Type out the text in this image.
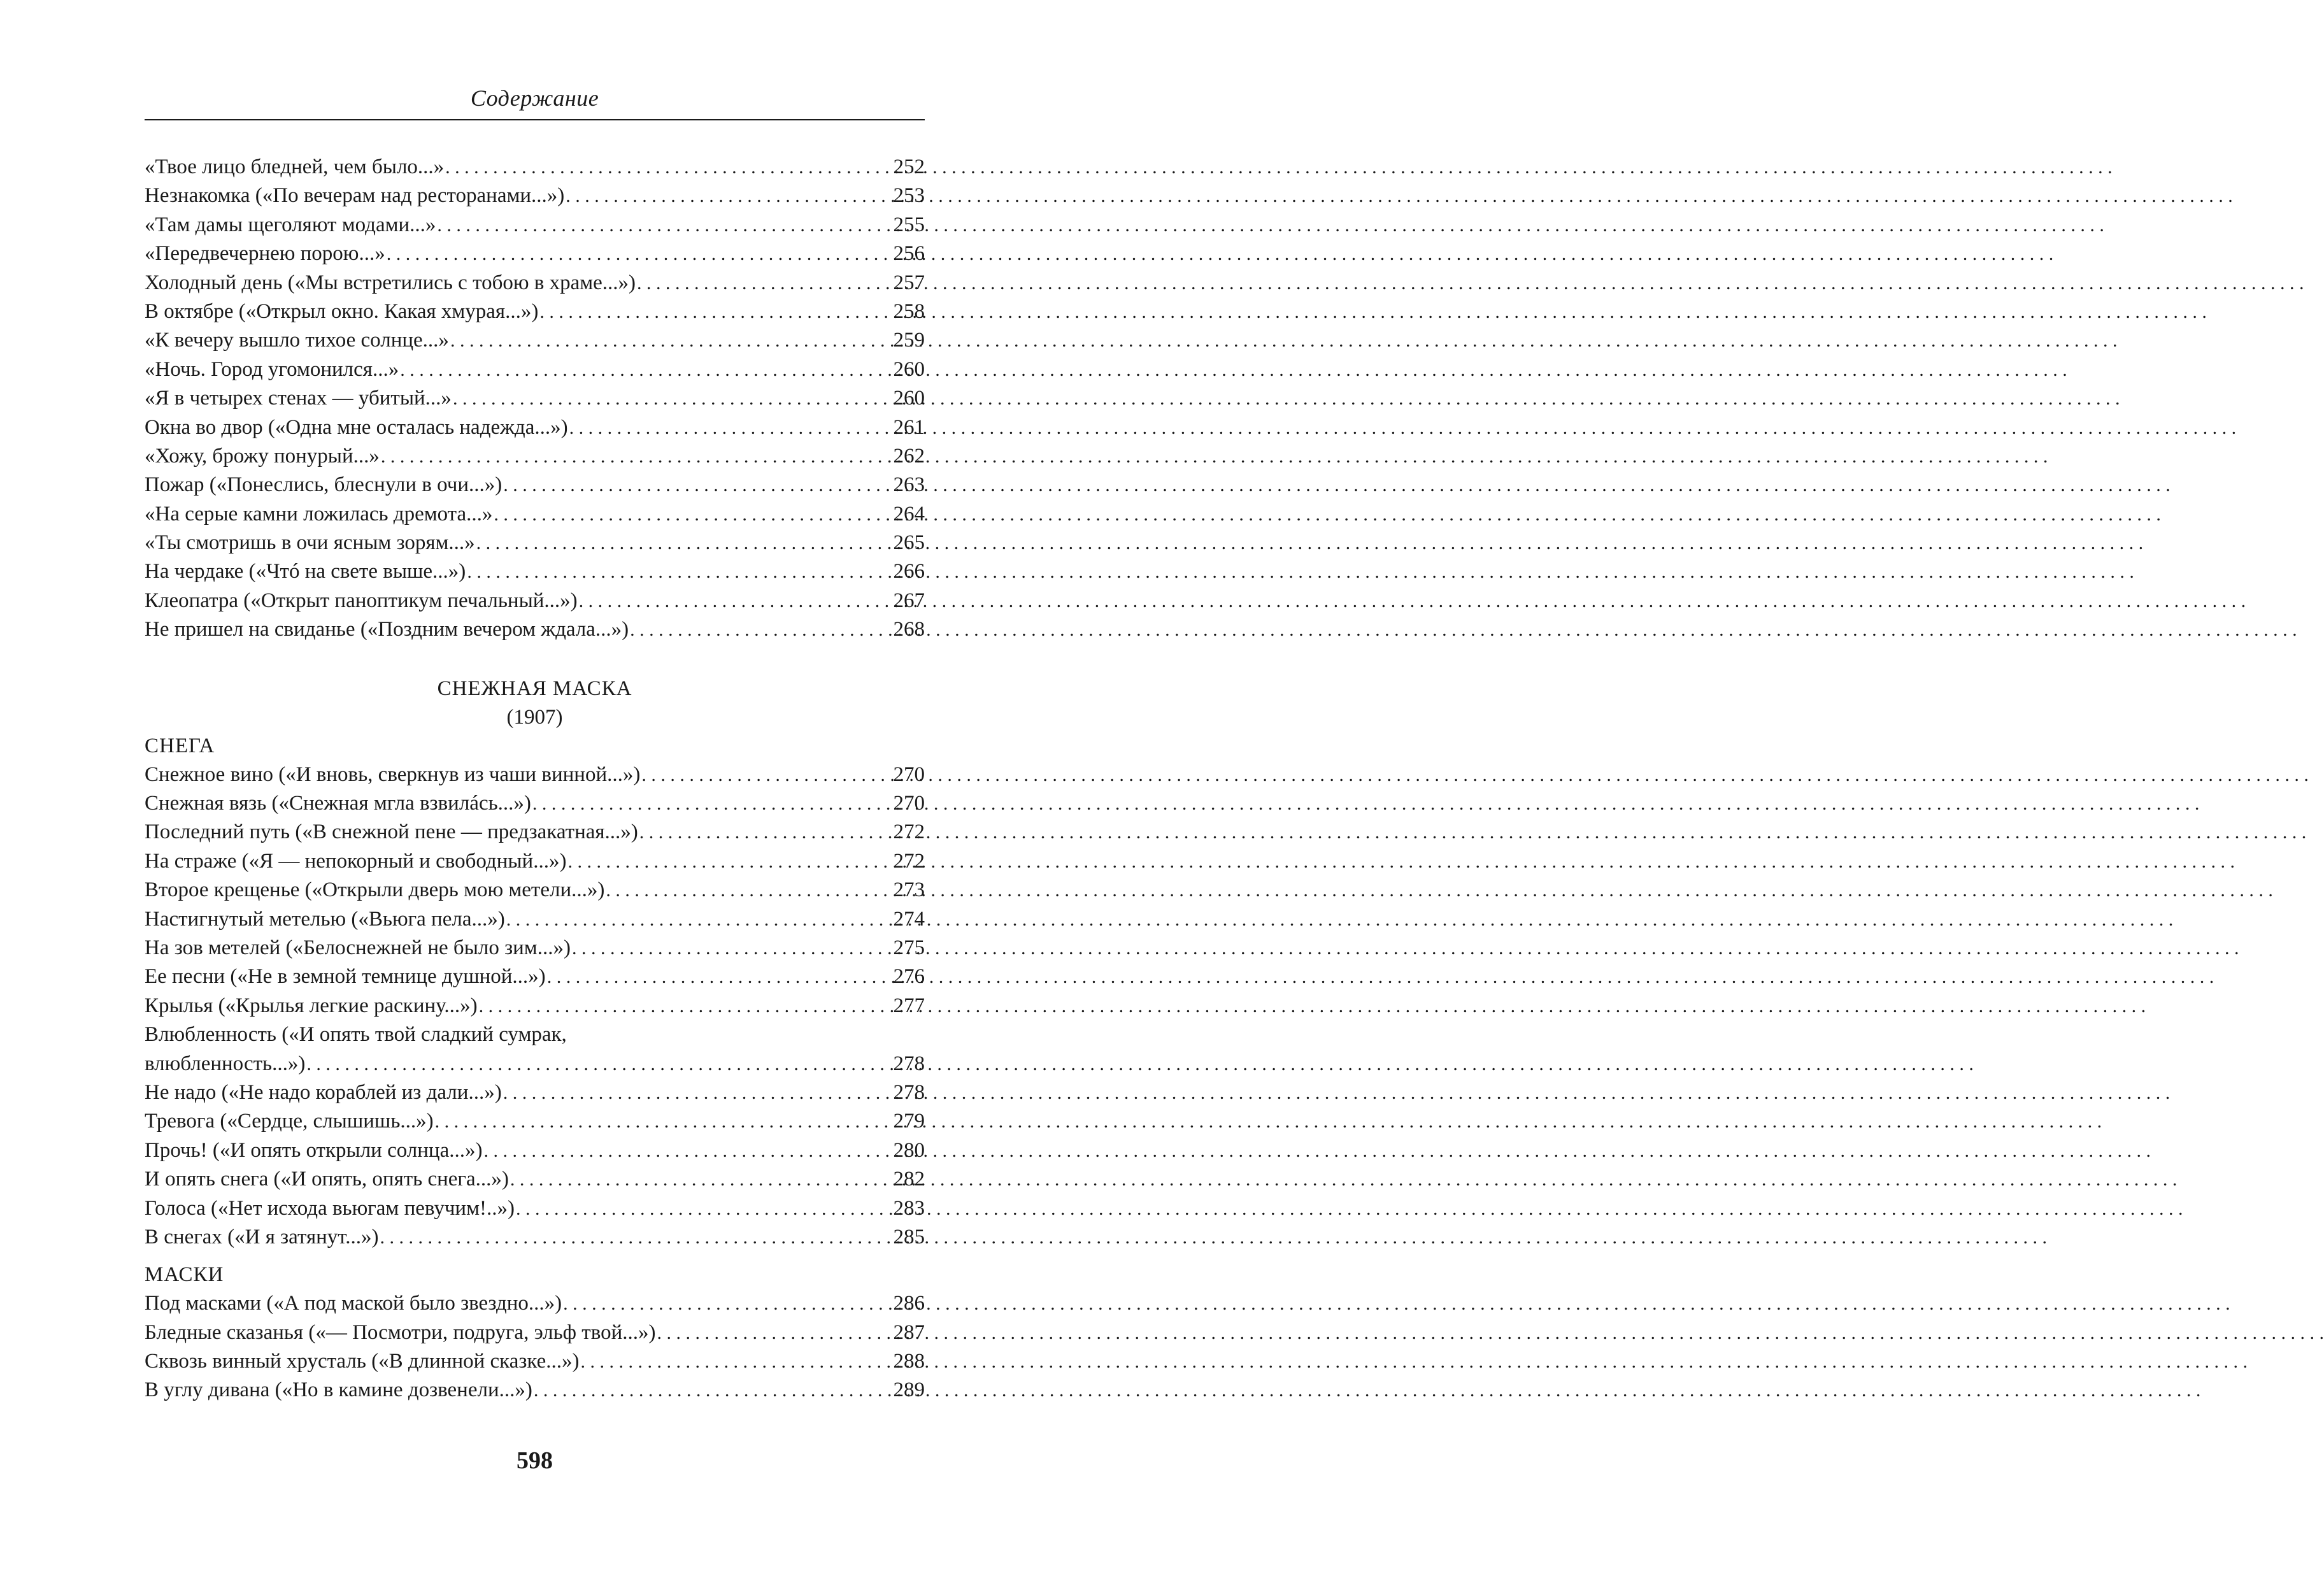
Содержание
«Твое лицо бледней, чем было...» . . .	252
Незнакомка («По вечерам над ресторанами...») . . .	253
«Там дамы щеголяют модами...» . . .	255
«Передвечернею порою...» . . .	256
Холодный день («Мы встретились с тобою в храме...») . . .	257
В октябре («Открыл окно. Какая хмурая...») . . .	258
«К вечеру вышло тихое солнце...» . . .	259
«Ночь. Город угомонился...» . . .	260
«Я в четырех стенах — убитый...» . . .	260
Окна во двор («Одна мне осталась надежда...») . . .	261
«Хожу, брожу понурый...» . . .	262
Пожар («Понеслись, блеснули в очи...») . . .	263
«На серые камни ложилась дремота...» . . .	264
«Ты смотришь в очи ясным зорям...» . . .	265
На чердаке («Чтó на свете выше...») . . .	266
Клеопатра («Открыт паноптикум печальный...») . . .	267
Не пришел на свиданье («Поздним вечером ждала...») . . .	268
СНЕЖНАЯ МАСКА
(1907)
СНЕГА
Снежное вино («И вновь, сверкнув из чаши винной...») . . .	270
Снежная вязь («Снежная мгла взвилáсь...») . . .	270
Последний путь («В снежной пене — предзакатная...») . . .	272
На страже («Я — непокорный и свободный...») . . .	272
Второе крещенье («Открыли дверь мою метели...») . . .	273
Настигнутый метелью («Вьюга пела...») . . .	274
На зов метелей («Белоснежней не было зим...») . . .	275
Ее песни («Не в земной темнице душной...») . . .	276
Крылья («Крылья легкие раскину...») . . .	277
Влюбленность («И опять твой сладкий сумрак,
влюбленность...») . . .	278
Не надо («Не надо кораблей из дали...») . . .	278
Тревога («Сердце, слышишь...») . . .	279
Прочь! («И опять открыли солнца...») . . .	280
И опять снега («И опять, опять снега...») . . .	282
Голоса («Нет исхода вьюгам певучим!..») . . .	283
В снегах («И я затянут...») . . .	285
МАСКИ
Под масками («А под маской было звездно...») . . .	286
Бледные сказанья («— Посмотри, подруга, эльф твой...») . . .	287
Сквозь винный хрусталь («В длинной сказке...») . . .	288
В углу дивана («Но в камине дозвенели...») . . .	289
598
